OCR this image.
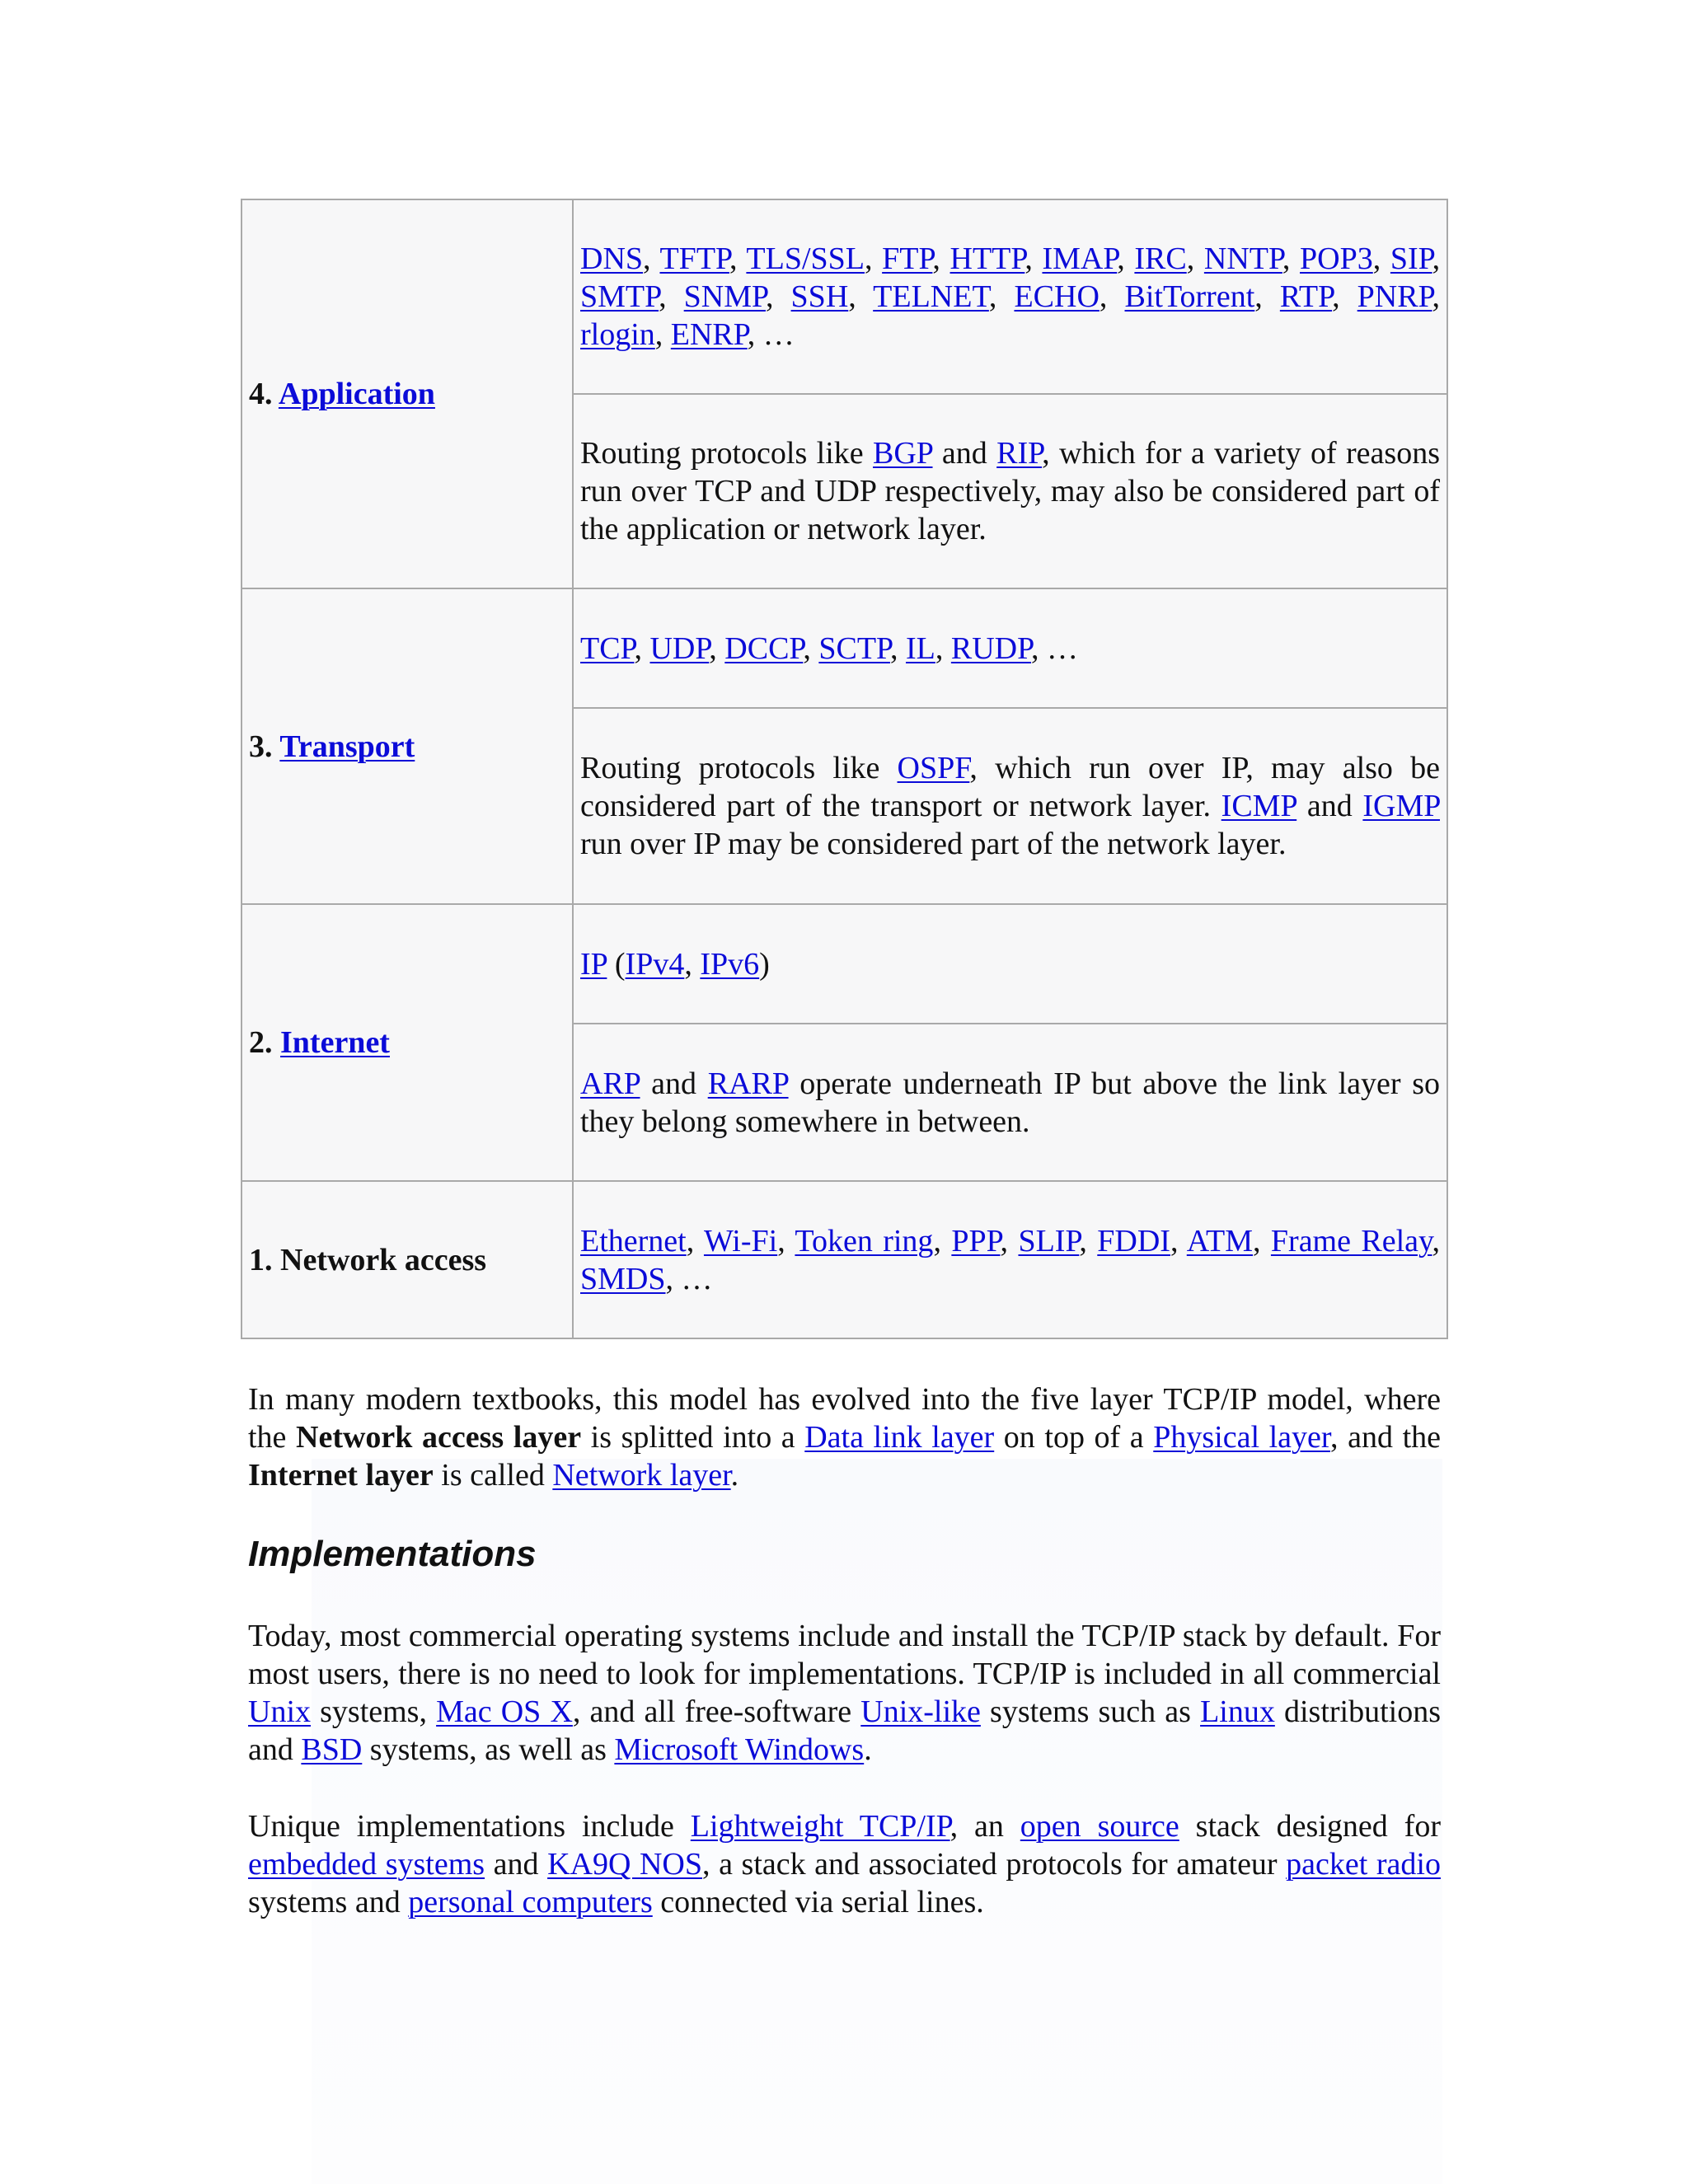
4. Application	DNS, TFTP, TLS/SSL, FTP, HTTP, IMAP, IRC, NNTP, POP3, SIP, SMTP, SNMP, SSH, TELNET, ECHO, BitTorrent, RTP, PNRP, rlogin, ENRP, …
	Routing protocols like BGP and RIP, which for a variety of reasons run over TCP and UDP respectively, may also be considered part of the application or network layer.
3. Transport	TCP, UDP, DCCP, SCTP, IL, RUDP, …
	Routing protocols like OSPF, which run over IP, may also be considered part of the transport or network layer. ICMP and IGMP run over IP may be considered part of the network layer.
2. Internet	IP (IPv4, IPv6)
	ARP and RARP operate underneath IP but above the link layer so they belong somewhere in between.
1. Network access	Ethernet, Wi-Fi, Token ring, PPP, SLIP, FDDI, ATM, Frame Relay, SMDS, …

In many modern textbooks, this model has evolved into the five layer TCP/IP model, where the Network access layer is splitted into a Data link layer on top of a Physical layer, and the Internet layer is called Network layer.

Implementations

Today, most commercial operating systems include and install the TCP/IP stack by default. For most users, there is no need to look for implementations. TCP/IP is included in all commercial Unix systems, Mac OS X, and all free-software Unix-like systems such as Linux distributions and BSD systems, as well as Microsoft Windows.

Unique implementations include Lightweight TCP/IP, an open source stack designed for embedded systems and KA9Q NOS, a stack and associated protocols for amateur packet radio systems and personal computers connected via serial lines.
